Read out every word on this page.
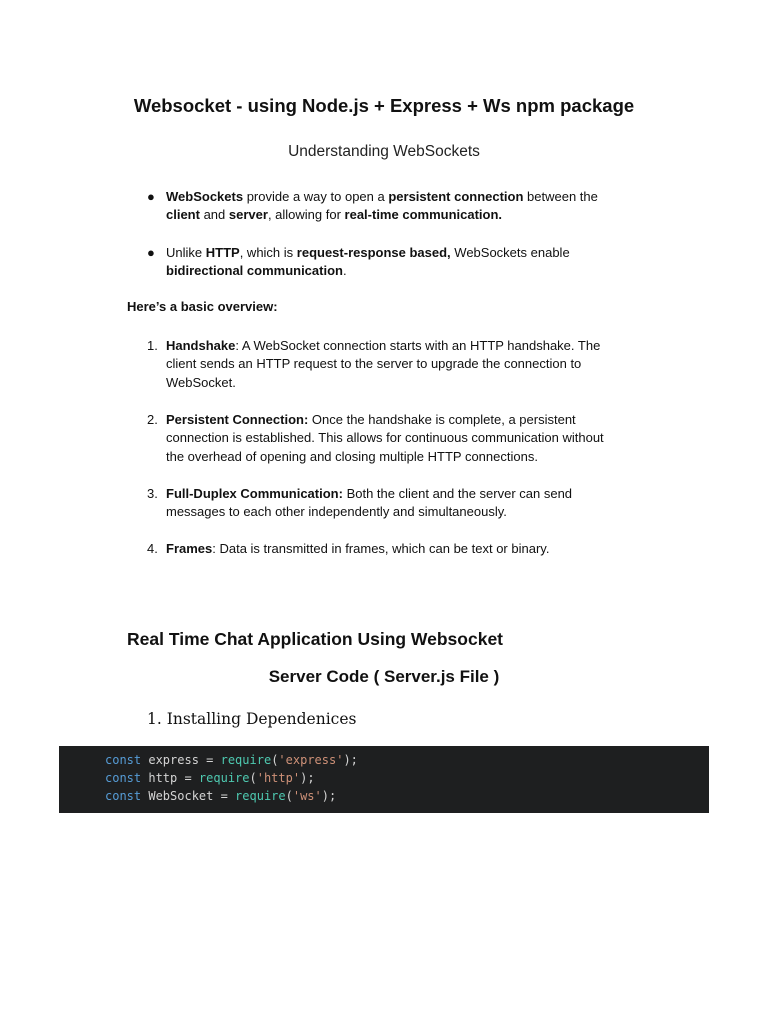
Websocket - using Node.js + Express + Ws npm package
Understanding WebSockets
● WebSockets provide a way to open a persistent connection between the
client and server, allowing for real-time communication.
● Unlike HTTP, which is request-response based, WebSockets enable
bidirectional communication.
Here’s a basic overview:
1. Handshake: A WebSocket connection starts with an HTTP handshake. The
client sends an HTTP request to the server to upgrade the connection to
WebSocket.
2. Persistent Connection: Once the handshake is complete, a persistent
connection is established. This allows for continuous communication without
the overhead of opening and closing multiple HTTP connections.
3. Full-Duplex Communication: Both the client and the server can send
messages to each other independently and simultaneously.
4. Frames: Data is transmitted in frames, which can be text or binary.
Real Time Chat Application Using Websocket
Server Code ( Server.js File )
1. Installing Dependenices
const express = require('express');
const http = require('http');
const WebSocket = require('ws');
